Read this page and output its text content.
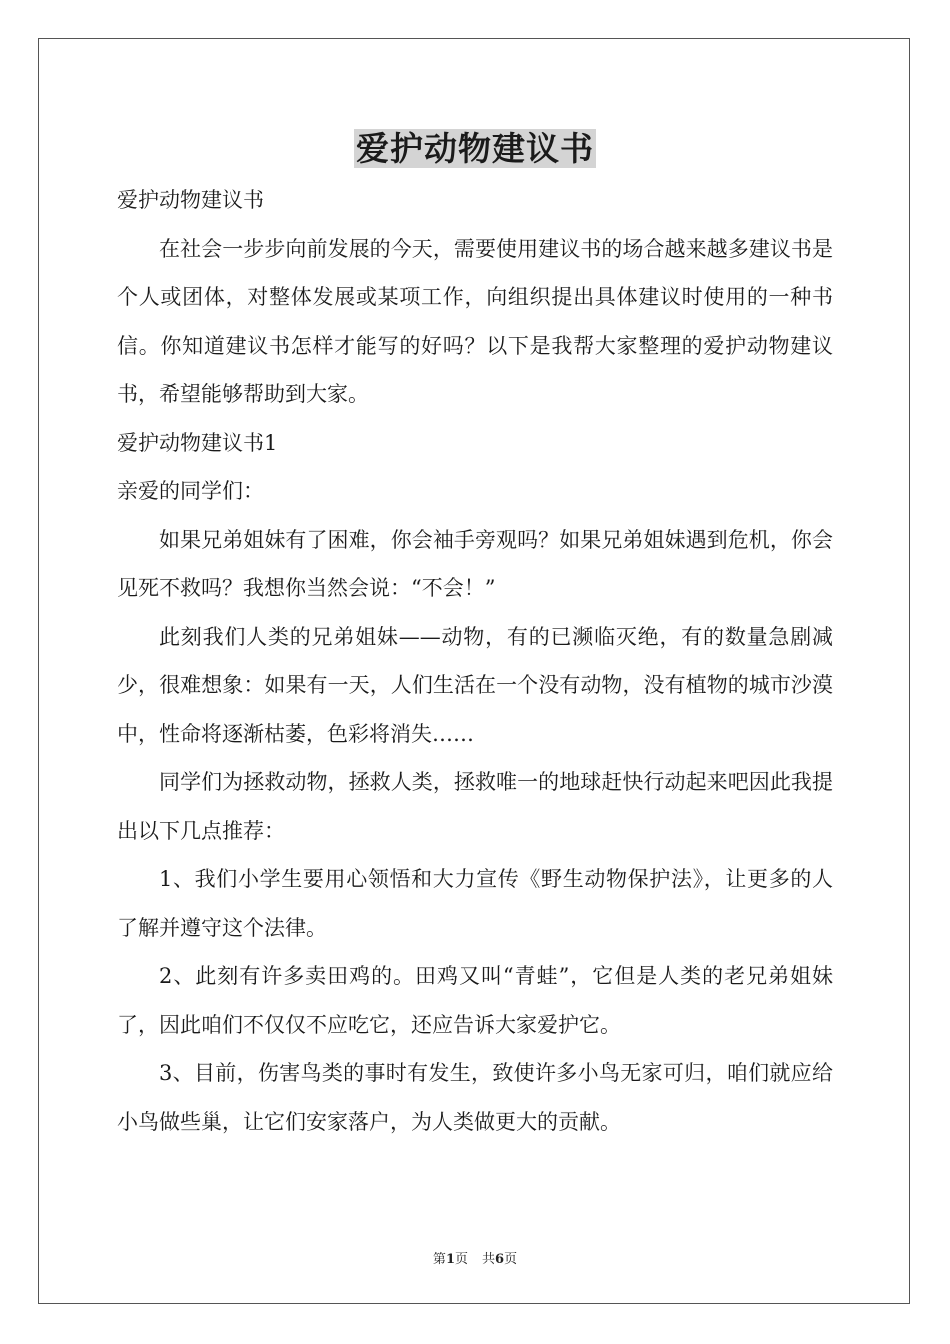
爱护动物建议书

爱护动物建议书

在社会一步步向前发展的今天，需要使用建议书的场合越来越多建议书是个人或团体，对整体发展或某项工作，向组织提出具体建议时使用的一种书信。你知道建议书怎样才能写的好吗？以下是我帮大家整理的爱护动物建议书，希望能够帮助到大家。

爱护动物建议书1

亲爱的同学们：

如果兄弟姐妹有了困难，你会袖手旁观吗？如果兄弟姐妹遇到危机，你会见死不救吗？我想你当然会说：“不会！”

此刻我们人类的兄弟姐妹——动物，有的已濒临灭绝，有的数量急剧减少，很难想象：如果有一天，人们生活在一个没有动物，没有植物的城市沙漠中，性命将逐渐枯萎，色彩将消失……

同学们为拯救动物，拯救人类，拯救唯一的地球赶快行动起来吧因此我提出以下几点推荐：

1、我们小学生要用心领悟和大力宣传《野生动物保护法》，让更多的人了解并遵守这个法律。

2、此刻有许多卖田鸡的。田鸡又叫“青蛙”，它但是人类的老兄弟姐妹了，因此咱们不仅仅不应吃它，还应告诉大家爱护它。

3、目前，伤害鸟类的事时有发生，致使许多小鸟无家可归，咱们就应给小鸟做些巢，让它们安家落户，为人类做更大的贡献。

第1页 共6页
